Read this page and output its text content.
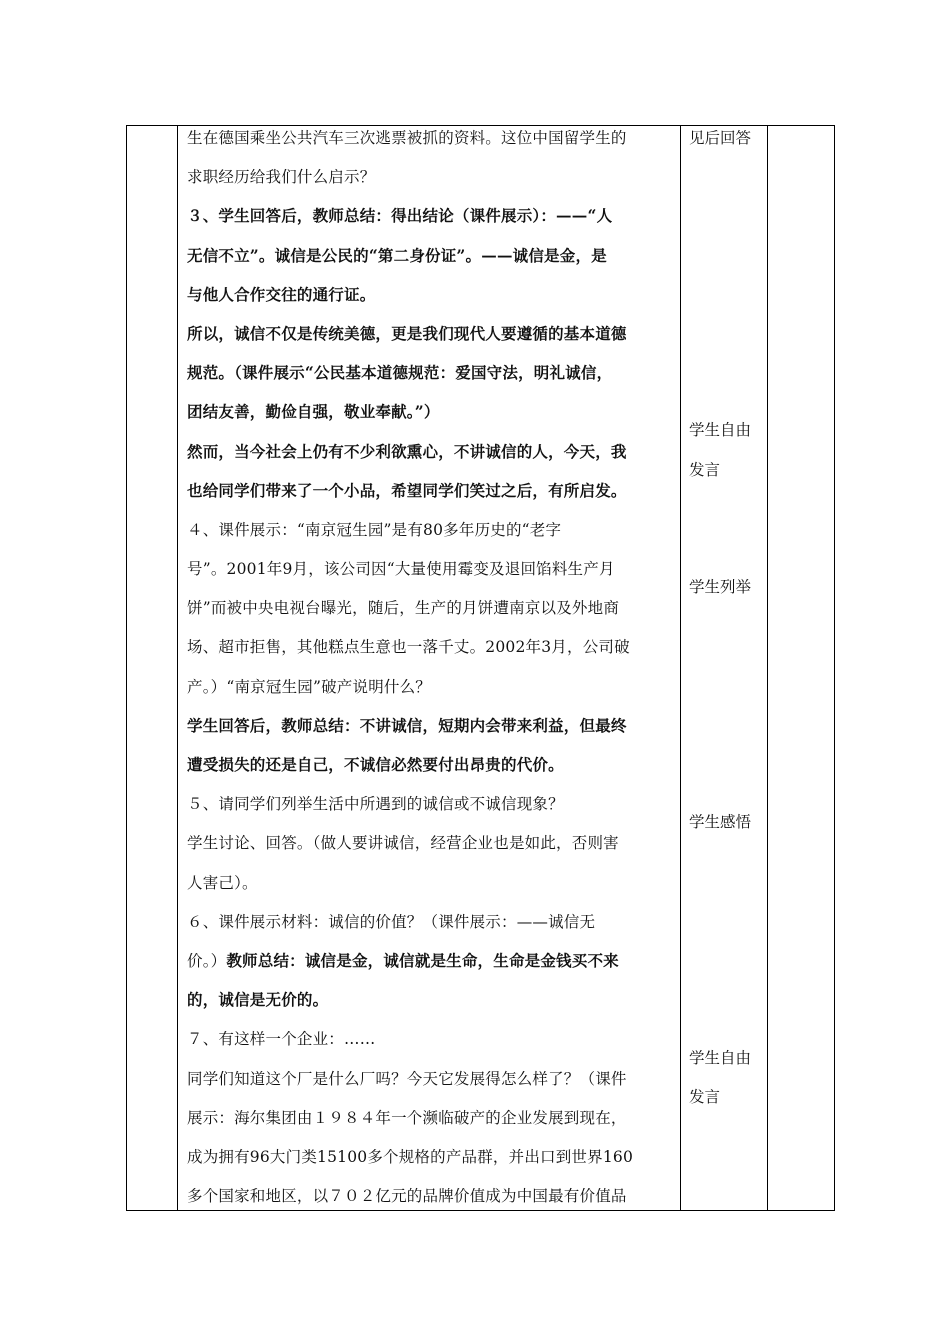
生在德国乘坐公共汽车三次逃票被抓的资料。这位中国留学生的
求职经历给我们什么启示？
３、学生回答后，教师总结：得出结论（课件展示）：——“人
无信不立”。诚信是公民的“第二身份证”。——诚信是金，是
与他人合作交往的通行证。
所以，诚信不仅是传统美德，更是我们现代人要遵循的基本道德
规范。（课件展示“公民基本道德规范：爱国守法，明礼诚信，
团结友善，勤俭自强，敬业奉献。”）
然而，当今社会上仍有不少利欲熏心，不讲诚信的人，今天，我
也给同学们带来了一个小品，希望同学们笑过之后，有所启发。
４、课件展示：“南京冠生园”是有80多年历史的“老字
号”。2001年9月，该公司因“大量使用霉变及退回馅料生产月
饼”而被中央电视台曝光，随后，生产的月饼遭南京以及外地商
场、超市拒售，其他糕点生意也一落千丈。2002年3月，公司破
产。）“南京冠生园”破产说明什么？
学生回答后，教师总结：不讲诚信，短期内会带来利益，但最终
遭受损失的还是自己，不诚信必然要付出昂贵的代价。
５、请同学们列举生活中所遇到的诚信或不诚信现象？
学生讨论、回答。（做人要讲诚信，经营企业也是如此，否则害
人害己）。
６、课件展示材料：诚信的价值？（课件展示：——诚信无
价。）教师总结：诚信是金，诚信就是生命，生命是金钱买不来
的，诚信是无价的。
７、有这样一个企业：……
同学们知道这个厂是什么厂吗？今天它发展得怎么样了？（课件
展示：海尔集团由１９８４年一个濒临破产的企业发展到现在，
成为拥有96大门类15100多个规格的产品群，并出口到世界160
多个国家和地区，以７０２亿元的品牌价值成为中国最有价值品
见后回答
学生自由
发言
学生列举
学生感悟
学生自由
发言
